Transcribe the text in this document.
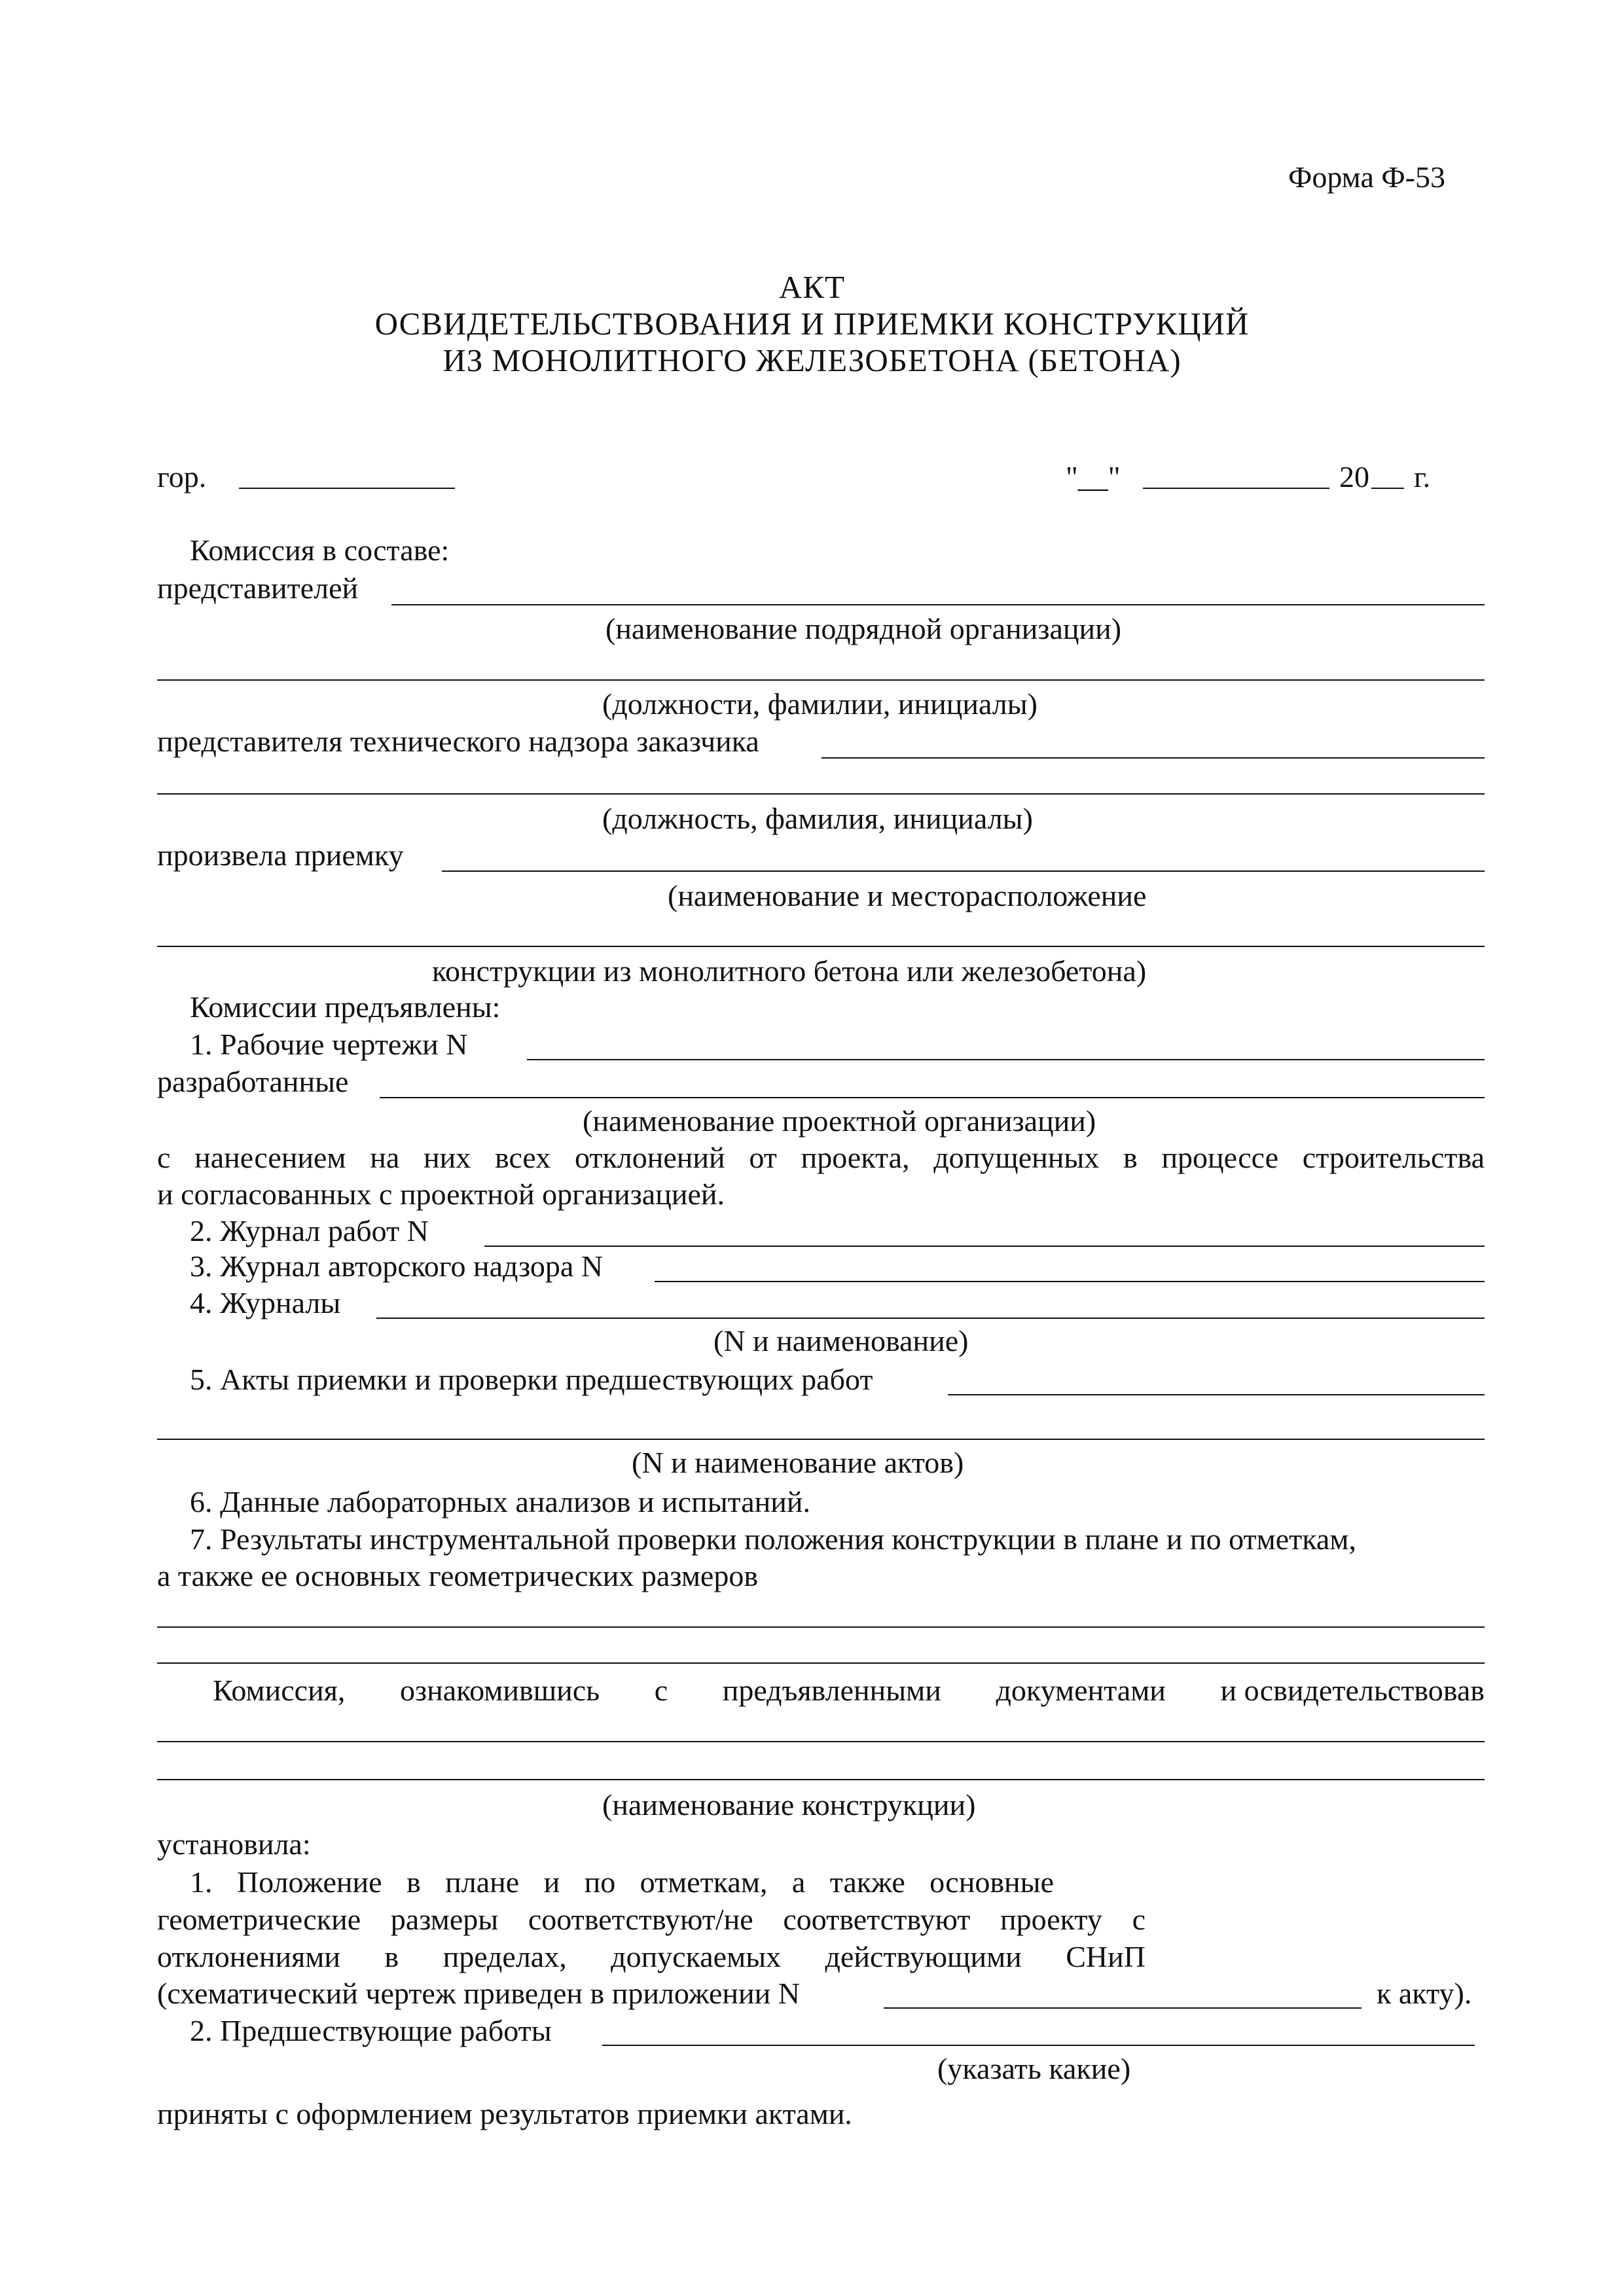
Форма Ф-53
АКТ
ОСВИДЕТЕЛЬСТВОВАНИЯ И ПРИЕМКИ КОНСТРУКЦИЙ
ИЗ МОНОЛИТНОГО ЖЕЛЕЗОБЕТОНА (БЕТОНА)
гор.	"__"	20 г.
Комиссия в составе:
представителей
(наименование подрядной организации)
(должности, фамилии, инициалы)
представителя технического надзора заказчика
(должность, фамилия, инициалы)
произвела приемку
(наименование и месторасположение
конструкции из монолитного бетона или железобетона)
Комиссии предъявлены:
1. Рабочие чертежи N
разработанные
(наименование проектной организации)
с нанесением на них всех отклонений от проекта, допущенных в процессе строительства
и согласованных с проектной организацией.
2. Журнал работ N
3. Журнал авторского надзора N
4. Журналы
(N и наименование)
5. Акты приемки и проверки предшествующих работ
(N и наименование актов)
6. Данные лабораторных анализов и испытаний.
7. Результаты инструментальной проверки положения конструкции в плане и по отметкам,
а также ее основных геометрических размеров
Комиссия, ознакомившись с предъявленными документами и освидетельствовав
(наименование конструкции)
установила:
1. Положение в плане и по отметкам, а также основные
геометрические размеры соответствуют/не соответствуют проекту с
отклонениями в пределах, допускаемых действующими СНиП
(схематический чертеж приведен в приложении N	к акту).
2. Предшествующие работы
(указать какие)
приняты с оформлением результатов приемки актами.
